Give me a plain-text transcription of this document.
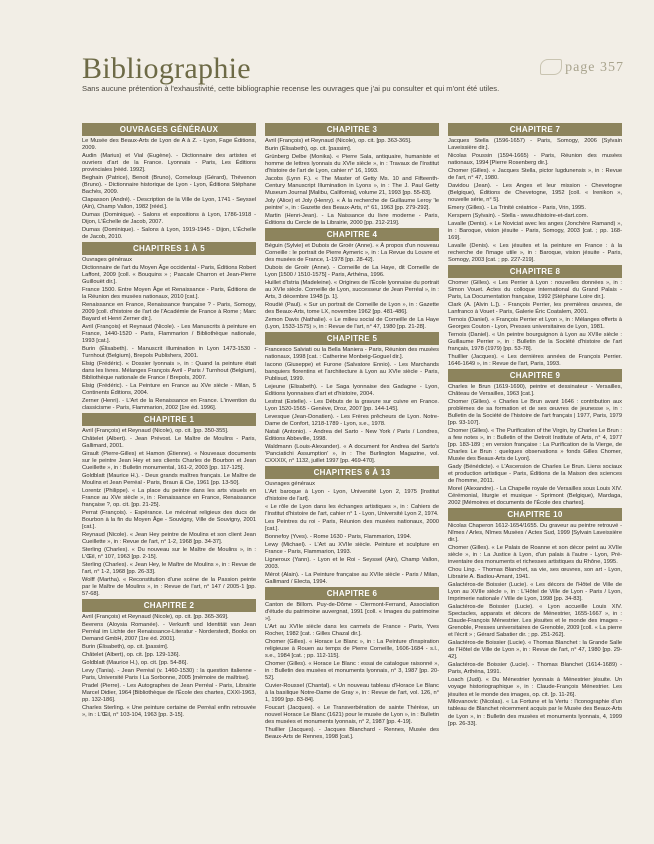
Bibliographie	page 357
Sans aucune prétention à l'exhaustivité, cette bibliographie recense les ouvrages que j'ai pu consulter et qui m'ont été utiles.
OUVRAGES GÉNÉRAUX
Le Musée des Beaux-Arts de Lyon de A à Z. - Lyon, Fage Éditions, 2009.
Audin (Marius) et Vial (Eugène). - Dictionnaire des artistes et ouvriers d'art de la France. Lyonnais - Paris, Les Éditions provinciales [rééd. 1992].
Beghain (Patrice), Benoit (Bruno), Corneloup (Gérard), Thévenon (Bruno). - Dictionnaire historique de Lyon - Lyon, Éditions Stéphane Bachès, 2009.
Clapasson (André). - Description de la Ville de Lyon, 1741 - Seyssel (Ain), Champ Vallon, 1982 [rééd.].
Dumas (Dominique). - Salons et expositions à Lyon, 1786-1918 - Dijon, L'Échelle de Jacob, 2007.
Dumas (Dominique). - Salons à Lyon, 1919-1945 - Dijon, L'Échelle de Jacob, 2010.
CHAPITRES 1 À 5
Ouvrages généraux
Dictionnaire de l'art du Moyen Âge occidental - Paris, Éditions Robert Laffont, 2009 [coll. « Bouquins » ; Pascale Charron et Jean-Pierre Guillouët dir.].
France 1500. Entre Moyen Âge et Renaissance - Paris, Éditions de la Réunion des musées nationaux, 2010 [cat.].
Renaissance en France, Renaissance française ? - Paris, Somogy, 2009 [coll. d'histoire de l'art de l'Académie de France à Rome ; Marc Bayard et Henri Zerner dir.].
Avril (François) et Reynaud (Nicole). - Les Manuscrits à peinture en France, 1440-1520 - Paris, Flammarion / Bibliothèque nationale, 1993 [cat.].
Burin (Élisabeth). - Manuscrit illumination in Lyon 1473-1530 - Turnhout (Belgium), Brepols Publishers, 2001.
Elsig (Frédéric). « Dossier lyonnais », in : Quand la peinture était dans les livres. Mélanges François Avril - Paris / Turnhout (Belgium), Bibliothèque nationale de France / Brepols, 2007.
Elsig (Frédéric). - La Peinture en France au XVe siècle - Milan, 5 Continents Éditions, 2004.
Zerner (Henri). - L'Art de la Renaissance en France. L'invention du classicisme - Paris, Flammarion, 2002 [1re éd. 1996].
CHAPITRE 1
Avril (François) et Reynaud (Nicole), op. cit. [pp. 350-355].
Châtelet (Albert). - Jean Prévost. Le Maître de Moulins - Paris, Gallimard, 2001.
Girault (Pierre-Gilles) et Hamon (Étienne). « Nouveaux documents sur le peintre Jean Hey et ses clients Charles de Bourbon et Jean Cueillette », in : Bulletin monumental, 161-2, 2003 [pp. 117-125].
Goldblatt (Maurice H.). - Deux grands maîtres français. Le Maître de Moulins et Jean Perréal - Paris, Braun & Cie, 1961 [pp. 13-50].
Lorentz (Philippe). « La place du peintre dans les arts visuels en France au XVe siècle », in : Renaissance en France, Renaissance française ?, op. cit. [pp. 21-25].
Perrat (François). - Espérance. Le mécénat religieux des ducs de Bourbon à la fin du Moyen Âge - Souvigny, Ville de Souvigny, 2001 [cat.].
Reynaud (Nicole). « Jean Hey peintre de Moulins et son client Jean Cueillette », in : Revue de l'art, n° 1-2, 1968 [pp. 34-37].
Sterling (Charles). « Du nouveau sur le Maître de Moulins », in : L'Œil, n° 107, 1963 [pp. 2-15].
Sterling (Charles). « Jean Hey, le Maître de Moulins », in : Revue de l'art, n° 1-2, 1968 [pp. 26-33].
Wolff (Martha). « Reconstitution d'une scène de la Passion peinte par le Maître de Moulins », in : Revue de l'art, n° 147 / 2005-1 [pp. 57-68].
CHAPITRE 2
Avril (François) et Reynaud (Nicole), op. cit. [pp. 365-369].
Beerens (Aloysia Romanée). - Verkunft und Identität van Jean Perréal im Lichte der Renaissance-Literatur - Norderstedt, Books on Demand GmbH, 2007 [1re éd. 2001].
Burin (Élisabeth), op. cit. [passim].
Châtelet (Albert), op. cit. [pp. 129-136].
Goldblatt (Maurice H.), op. cit. [pp. 54-86].
Levy (Tania). - Jean Perréal (v. 1460-1530) : la question italienne - Paris, Université Paris I La Sorbonne, 2005 [mémoire de maîtrise].
Pradel (Pierre). - Les Autographes de Jean Perréal - Paris, Librairie Marcel Didier, 1964 [Bibliothèque de l'École des chartes, CXXI-1963, pp. 132-186].
Charles Sterling. « Une peinture certaine de Perréal enfin retrouvée », in : L'Œil, n° 103-104, 1963 [pp. 3-15].
CHAPITRE 3
Avril (François) et Reynaud (Nicole), op. cit. [pp. 363-365].
Burin (Élisabeth), op. cit. [passim].
Grünberg Delbe (Monika). « Pierre Sala, antiquaire, humaniste et homme de lettres lyonnais du XVIe siècle », in : Travaux de l'Institut d'histoire de l'art de Lyon, cahier n° 16, 1993.
Jacobs (Lynn F.). « The Master of Getty Ms. 10 and Fifteenth-Century Manuscript Illumination in Lyons », in : The J. Paul Getty Museum Journal [Malibu, California], volume 21, 1993 [pp. 55-83].
Joly (Alice) et Joly (Henry). « À la recherche de Guillaume Leroy 'le peintre' », in : Gazette des Beaux-Arts, n° 61, 1963 [pp. 279-292].
Martin (Henri-Jean). - La Naissance du livre moderne - Paris, Éditions du Cercle de la Librairie, 2000 [pp. 212-219].
CHAPITRE 4
Béguin (Sylvie) et Dubois de Groër (Anne). « À propos d'un nouveau Corneille : le portrait de Pierre Aymeric », in : La Revue du Louvre et des musées de France, 1-1978 [pp. 28-42].
Dubois de Groër (Anne). - Corneille de La Haye, dit Corneille de Lyon [1500 / 1510-1575] - Paris, Arthéna, 1996.
Huillet d'Istria (Madeleine). « Origines de l'École lyonnaise du portrait au XVIe siècle. Corneille de Lyon, successeur de Jean Perréal », in : Arts, 3 décembre 1948 [p. 1].
Roudié (Paul). « Sur un portrait de Corneille de Lyon », in : Gazette des Beaux-Arts, tome LX, novembre 1962 [pp. 481-486].
Zemon Davis (Nathalie). « Le milieu social de Corneille de La Haye (Lyon, 1533-1575) », in : Revue de l'art, n° 47, 1980 [pp. 21-28].
CHAPITRE 5
Francesco Salviati ou la Bella Maniera - Paris, Réunion des musées nationaux, 1998 [cat. : Catherine Monbeig-Goguel dir.].
Iacono (Giuseppe) et Furone (Salvatore Ennio). - Les Marchands banquiers florentins et l'architecture à Lyon au XVIe siècle - Paris, Publisud, 1999.
Lejeune (Elisabeth). - Le Saga lyonnaise des Gadagne - Lyon, Éditions lyonnaises d'art et d'histoire, 2004.
Lestrat (Estelle). - Les Débuts de la gravure sur cuivre en France. Lyon 1520-1565 - Genève, Droz, 2007 [pp. 144-145].
Levesque (Jean-Donatien). - Les Frères prêcheurs de Lyon. Notre-Dame de Confort, 1218-1789 - Lyon, s.e., 1978.
Natali (Antonio). - Andrea del Sarto - New York / Paris / Londres, Éditions Abbeville, 1998.
Waldmann (Louis-Alexander). « A document for Andrea del Sarto's 'Panciatichi Assumption' », in : The Burlington Magazine, vol. CXXXIX, n° 1132, juillet 1997 [pp. 469-470].
CHAPITRES 6 À 13
Ouvrages généraux
L'Art baroque à Lyon - Lyon, Université Lyon 2, 1975 [Institut d'histoire de l'art].
« Le rôle de Lyon dans les échanges artistiques », in : Cahiers de l'Institut d'histoire de l'art, cahier n° 1 - Lyon, Université Lyon 2, 1974.
Les Peintres du roi - Paris, Réunion des musées nationaux, 2000 [cat.].
Bonnefoy (Yves). - Rome 1630 - Paris, Flammarion, 1994.
Lewy (Michael). - L'Art au XVIIe siècle. Peinture et sculpture en France - Paris, Flammarion, 1993.
Ligneroux (Yann). - Lyon et le Roi - Seyssel (Ain), Champ Vallon, 2003.
Mérot (Alain). - La Peinture française au XVIIe siècle - Paris / Milan, Gallimard / Electa, 1994.
CHAPITRE 6
Canton de Billom. Puy-de-Dôme - Clermont-Ferrand, Association d'étude du patrimoine auvergnat, 1991 [coll. « Images du patrimoine »].
L'Art au XVIIe siècle dans les carmels de France - Paris, Yves Rocher, 1982 [cat. : Gilles Chazal dir.].
Chomer (Gilles). « Horace Le Blanc », in : La Peinture d'inspiration religieuse à Rouen au temps de Pierre Corneille, 1606-1684 - s.l., s.e., 1984 [cat. ; pp. 112-115].
Chomer (Gilles). « Horace Le Blanc : essai de catalogue raisonné », in : Bulletin des musées et monuments lyonnais, n° 3, 1987 [pp. 20-52].
Cuvier-Roussel (Chantal). « Un nouveau tableau d'Horace Le Blanc à la basilique Notre-Dame de Gray », in : Revue de l'art, vol. 126, n° 1, 1999 [pp. 83-84].
Foucart (Jacques). « Le Transverbération de sainte Thérèse, un nouvel Horace Le Blanc (1621) pour le musée de Lyon », in : Bulletin des musées et monuments lyonnais, n° 2, 1987 [pp. 4-19].
Thuillier (Jacques). - Jacques Blanchard - Rennes, Musée des Beaux-Arts de Rennes, 1998 [cat.].
CHAPITRE 7
Jacques Stella (1596-1657) - Paris, Somogy, 2006 [Sylvain Laveissière dir.].
Nicolas Poussin (1594-1665) - Paris, Réunion des musées nationaux, 1994 [Pierre Rosenberg dir.].
Chomer (Gilles). « Jacques Stella, pictor lugdunensis », in : Revue de l'art, n° 47, 1980.
Davidou (Jean). - Les Anges et leur mission - Chevetogne (Belgique), Éditions de Chevetogne, 1952 [coll. « Irenikon », nouvelle série, n° 5].
Emery (Gilles). - La Trinité créatrice - Paris, Vrin, 1995.
Kerspern (Sylvain). - Stella - www.dhistoire-et-dart.com.
Lavalle (Denis). « Le Noviciat avec les anges (Jonchère Ramand) », in : Baroque, vision jésuite - Paris, Somogy, 2003 [cat. ; pp. 168-169].
Lavalle (Denis). « Les jésuites et la peinture en France : à la recherche de l'image utile », in : Baroque, vision jésuite - Paris, Somogy, 2003 [cat. ; pp. 227-219].
CHAPITRE 8
Chomer (Gilles). « Les Perrier à Lyon : nouvelles données », in : Simon Vouet. Actes du colloque international du Grand Palais - Paris, La Documentation française, 1992 [Stéphane Loire dir.].
Clark (A. [Alvin L.]). - François Perrier, les premières œuvres, de Lanfranco à Vouet - Paris, Galerie Éric Coatalem, 2001.
Ternois (Daniel). « François Perrier et Lyon », in : Mélanges offerts à Georges Couton - Lyon, Presses universitaires de Lyon, 1981.
Ternois (Daniel). « Un peintre bourguignon à Lyon au XVIIe siècle : Guillaume Perrier », in : Bulletin de la Société d'histoire de l'art français, 1978 (1979) [pp. 53-78].
Thuillier (Jacques). « Les dernières années de François Perrier. 1646-1649 », in : Revue de l'art, Paris, 1993.
CHAPITRE 9
Charles le Brun (1619-1690), peintre et dessinateur - Versailles, Château de Versailles, 1963 [cat.].
Chomer (Gilles). « Charles Le Brun avant 1646 : contribution aux problèmes de sa formation et de ses œuvres de jeunesse », in : Bulletin de la Société de l'histoire de l'art français | 1977, Paris, 1979 [pp. 93-107].
Chomer (Gilles). « The Purification of the Virgin, by Charles Le Brun : a few notes », in : Bulletin of the Detroit Institute of Arts, n° 4, 1977 [pp. 183-189 ; en version française : La Purification de la Vierge, de Charles Le Brun : quelques observations » fonds Gilles Chomer, Musée des Beaux-Arts de Lyon].
Gady (Bénédicte). « L'Ascension de Charles Le Brun. Liens sociaux et production artistique - Paris, Éditions de la Maison des sciences de l'homme, 2011.
Morel (Alexandre). - La Chapelle royale de Versailles sous Louis XIV. Cérémonial, liturgie et musique - Sprimont (Belgique), Mardaga, 2002 [Mémoires et documents de l'École des chartes].
CHAPITRE 10
Nicolas Chaperon 1612-1654/1655. Du graveur au peintre retrouvé - Nîmes / Arles, Nîmes Musées / Actes Sud, 1999 [Sylvain Laveissière dir.].
Chomer (Gilles). « Le Palais de Roanne et son décor peint au XVIIe siècle », in : La Justice à Lyon, d'un palais à l'autre - Lyon, Pré-inventaire des monuments et richesses artistiques du Rhône, 1995.
Chou Ling. - Thomas Blanchet, sa vie, ses œuvres, son art - Lyon, Librairie A. Badiou-Amant, 1941.
Galactéros-de Boissier (Lucie). « Les décors de l'Hôtel de Ville de Lyon au XVIIe siècle », in : L'Hôtel de Ville de Lyon - Paris / Lyon, Imprimerie nationale / Ville de Lyon, 1998 [pp. 34-83].
Galactéros-de Boissier (Lucie). « Lyon accueille Louis XIV. Spectacles, apparats et décors de Ménestrier, 1655-1667 », in : Claude-François Ménestrier. Les jésuites et le monde des images - Grenoble, Presses universitaires de Grenoble, 2009 [coll. « La pierre et l'écrit » ; Gérard Sabatier dir. ; pp. 251-262].
Galactéros-de Boissier (Lucie). « Thomas Blanchet : la Grande Salle de l'Hôtel de Ville de Lyon », in : Revue de l'art, n° 47, 1980 [pp. 29-42].
Galactéros-de Boissier (Lucie). - Thomas Blanchet (1614-1689) - Paris, Arthéna, 1991.
Loach (Judi). « Du Ménestrier lyonnais à Ménestrier jésuite. Un voyage historiographique », in : Claude-François Ménestrier. Les jésuites et le monde des images, op. cit. [p. 11-26].
Milovanovic (Nicolas). « La Fortune et la Vertu : l'iconographie d'un tableau de Blanchet récemment acquis par le Musée des Beaux-Arts de Lyon », in : Bulletin des musées et monuments lyonnais, 4, 1999 [pp. 26-33].
